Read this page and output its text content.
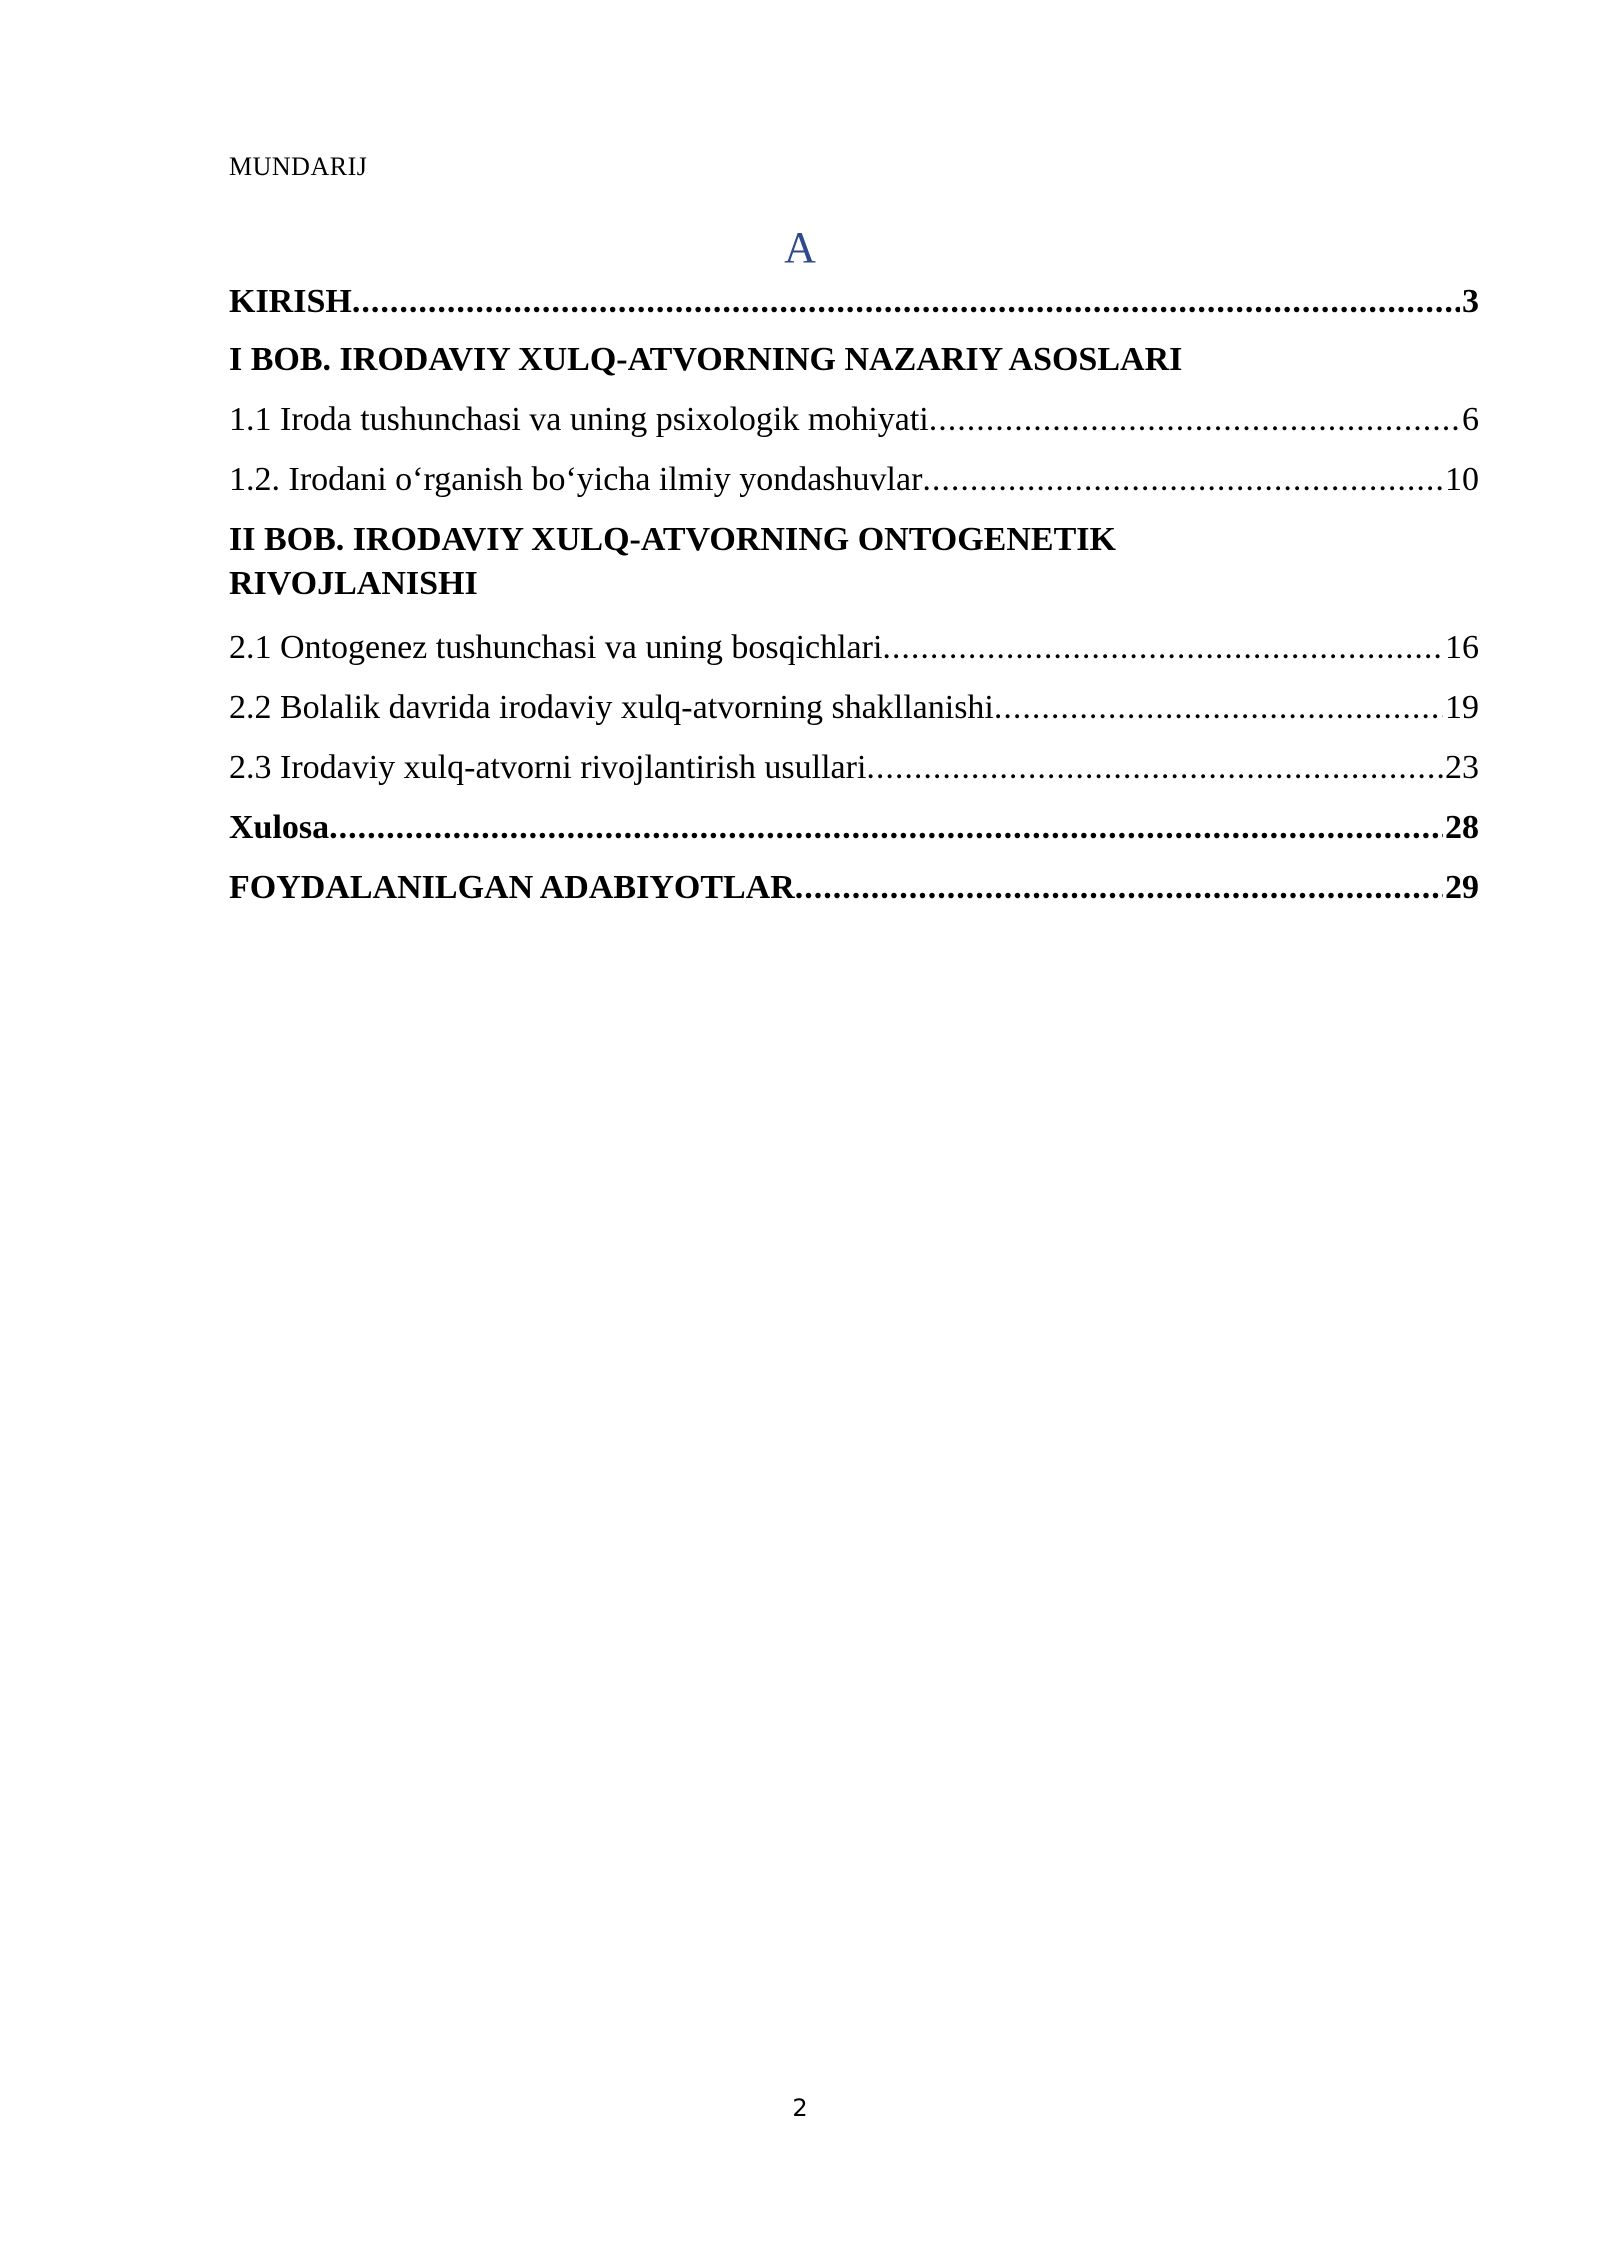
MUNDARIJ
A
KIRISH .....	3
I BOB. IRODAVIY XULQ-ATVORNING NAZARIY ASOSLARI
1.1 Iroda tushunchasi va uning psixologik mohiyati .....	6
1.2. Irodani o‘rganish bo‘yicha ilmiy yondashuvlar .....	10
II BOB. IRODAVIY XULQ-ATVORNING ONTOGENETIK
RIVOJLANISHI
2.1 Ontogenez tushunchasi va uning bosqichlari .....	16
2.2 Bolalik davrida irodaviy xulq-atvorning shakllanishi .....	19
2.3 Irodaviy xulq-atvorni rivojlantirish usullari .....	23
Xulosa .....	28
FOYDALANILGAN ADABIYOTLAR .....	29
2
